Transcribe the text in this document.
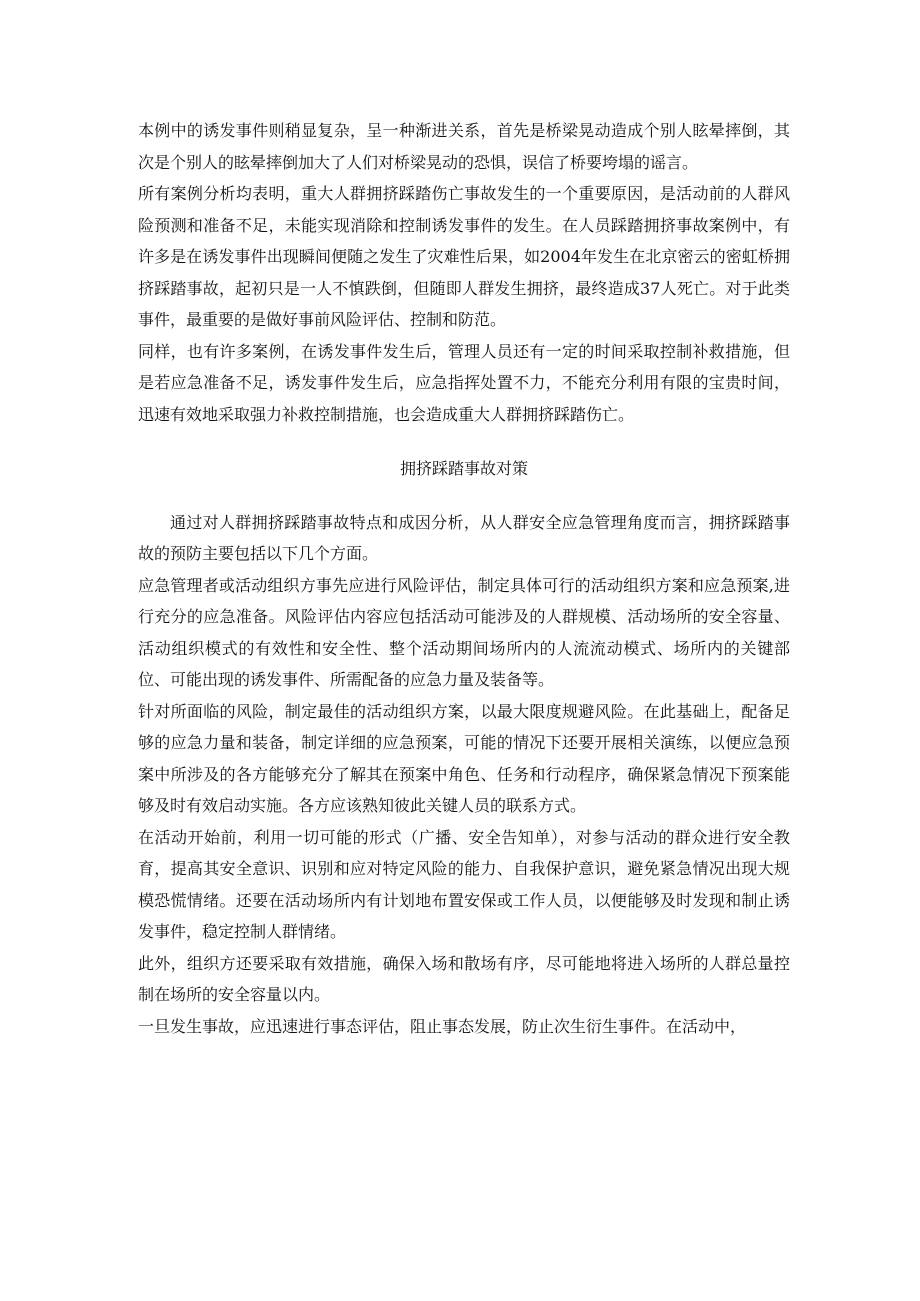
本例中的诱发事件则稍显复杂，呈一种渐进关系，首先是桥梁晃动造成个别人眩晕摔倒，其次是个别人的眩晕摔倒加大了人们对桥梁晃动的恐惧，误信了桥要垮塌的谣言。

所有案例分析均表明，重大人群拥挤踩踏伤亡事故发生的一个重要原因，是活动前的人群风险预测和准备不足，未能实现消除和控制诱发事件的发生。在人员踩踏拥挤事故案例中，有许多是在诱发事件出现瞬间便随之发生了灾难性后果，如2004年发生在北京密云的密虹桥拥挤踩踏事故，起初只是一人不慎跌倒，但随即人群发生拥挤，最终造成37人死亡。对于此类事件，最重要的是做好事前风险评估、控制和防范。

同样，也有许多案例，在诱发事件发生后，管理人员还有一定的时间采取控制补救措施，但是若应急准备不足，诱发事件发生后，应急指挥处置不力，不能充分利用有限的宝贵时间，迅速有效地采取强力补救控制措施，也会造成重大人群拥挤踩踏伤亡。

拥挤踩踏事故对策

通过对人群拥挤踩踏事故特点和成因分析，从人群安全应急管理角度而言，拥挤踩踏事故的预防主要包括以下几个方面。

应急管理者或活动组织方事先应进行风险评估，制定具体可行的活动组织方案和应急预案,进行充分的应急准备。风险评估内容应包括活动可能涉及的人群规模、活动场所的安全容量、活动组织模式的有效性和安全性、整个活动期间场所内的人流流动模式、场所内的关键部位、可能出现的诱发事件、所需配备的应急力量及装备等。

针对所面临的风险，制定最佳的活动组织方案，以最大限度规避风险。在此基础上，配备足够的应急力量和装备，制定详细的应急预案，可能的情况下还要开展相关演练，以便应急预案中所涉及的各方能够充分了解其在预案中角色、任务和行动程序，确保紧急情况下预案能够及时有效启动实施。各方应该熟知彼此关键人员的联系方式。

在活动开始前，利用一切可能的形式（广播、安全告知单），对参与活动的群众进行安全教育，提高其安全意识、识别和应对特定风险的能力、自我保护意识，避免紧急情况出现大规模恐慌情绪。还要在活动场所内有计划地布置安保或工作人员，以便能够及时发现和制止诱发事件，稳定控制人群情绪。

此外，组织方还要采取有效措施，确保入场和散场有序，尽可能地将进入场所的人群总量控制在场所的安全容量以内。

一旦发生事故，应迅速进行事态评估，阻止事态发展，防止次生衍生事件。在活动中，
